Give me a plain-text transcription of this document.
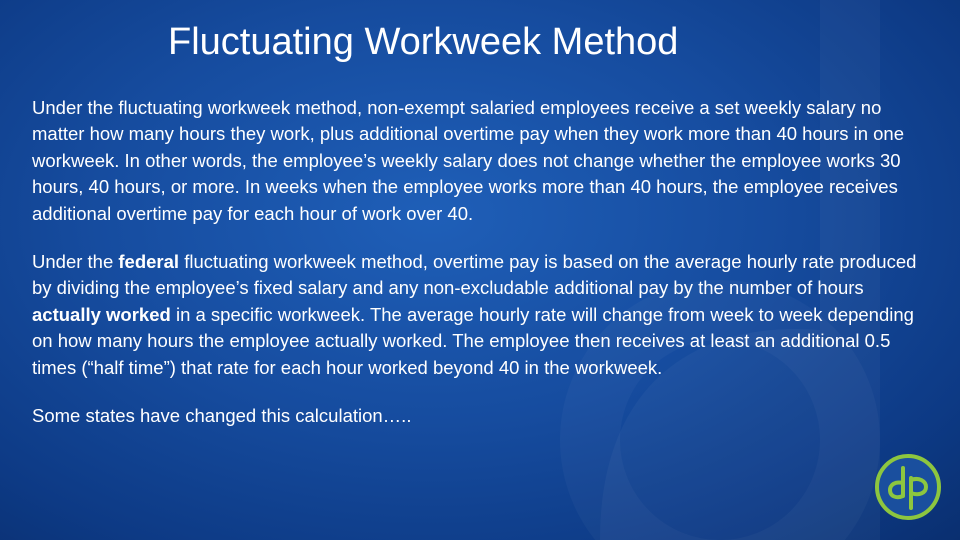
Fluctuating Workweek Method

Under the fluctuating workweek method, non-exempt salaried employees receive a set weekly salary no matter how many hours they work, plus additional overtime pay when they work more than 40 hours in one workweek. In other words, the employee’s weekly salary does not change whether the employee works 30 hours, 40 hours, or more. In weeks when the employee works more than 40 hours, the employee receives additional overtime pay for each hour of work over 40.

Under the federal fluctuating workweek method, overtime pay is based on the average hourly rate produced by dividing the employee’s fixed salary and any non-excludable additional pay by the number of hours actually worked in a specific workweek. The average hourly rate will change from week to week depending on how many hours the employee actually worked. The employee then receives at least an additional 0.5 times (“half time”) that rate for each hour worked beyond 40 in the workweek.

Some states have changed this calculation…..
